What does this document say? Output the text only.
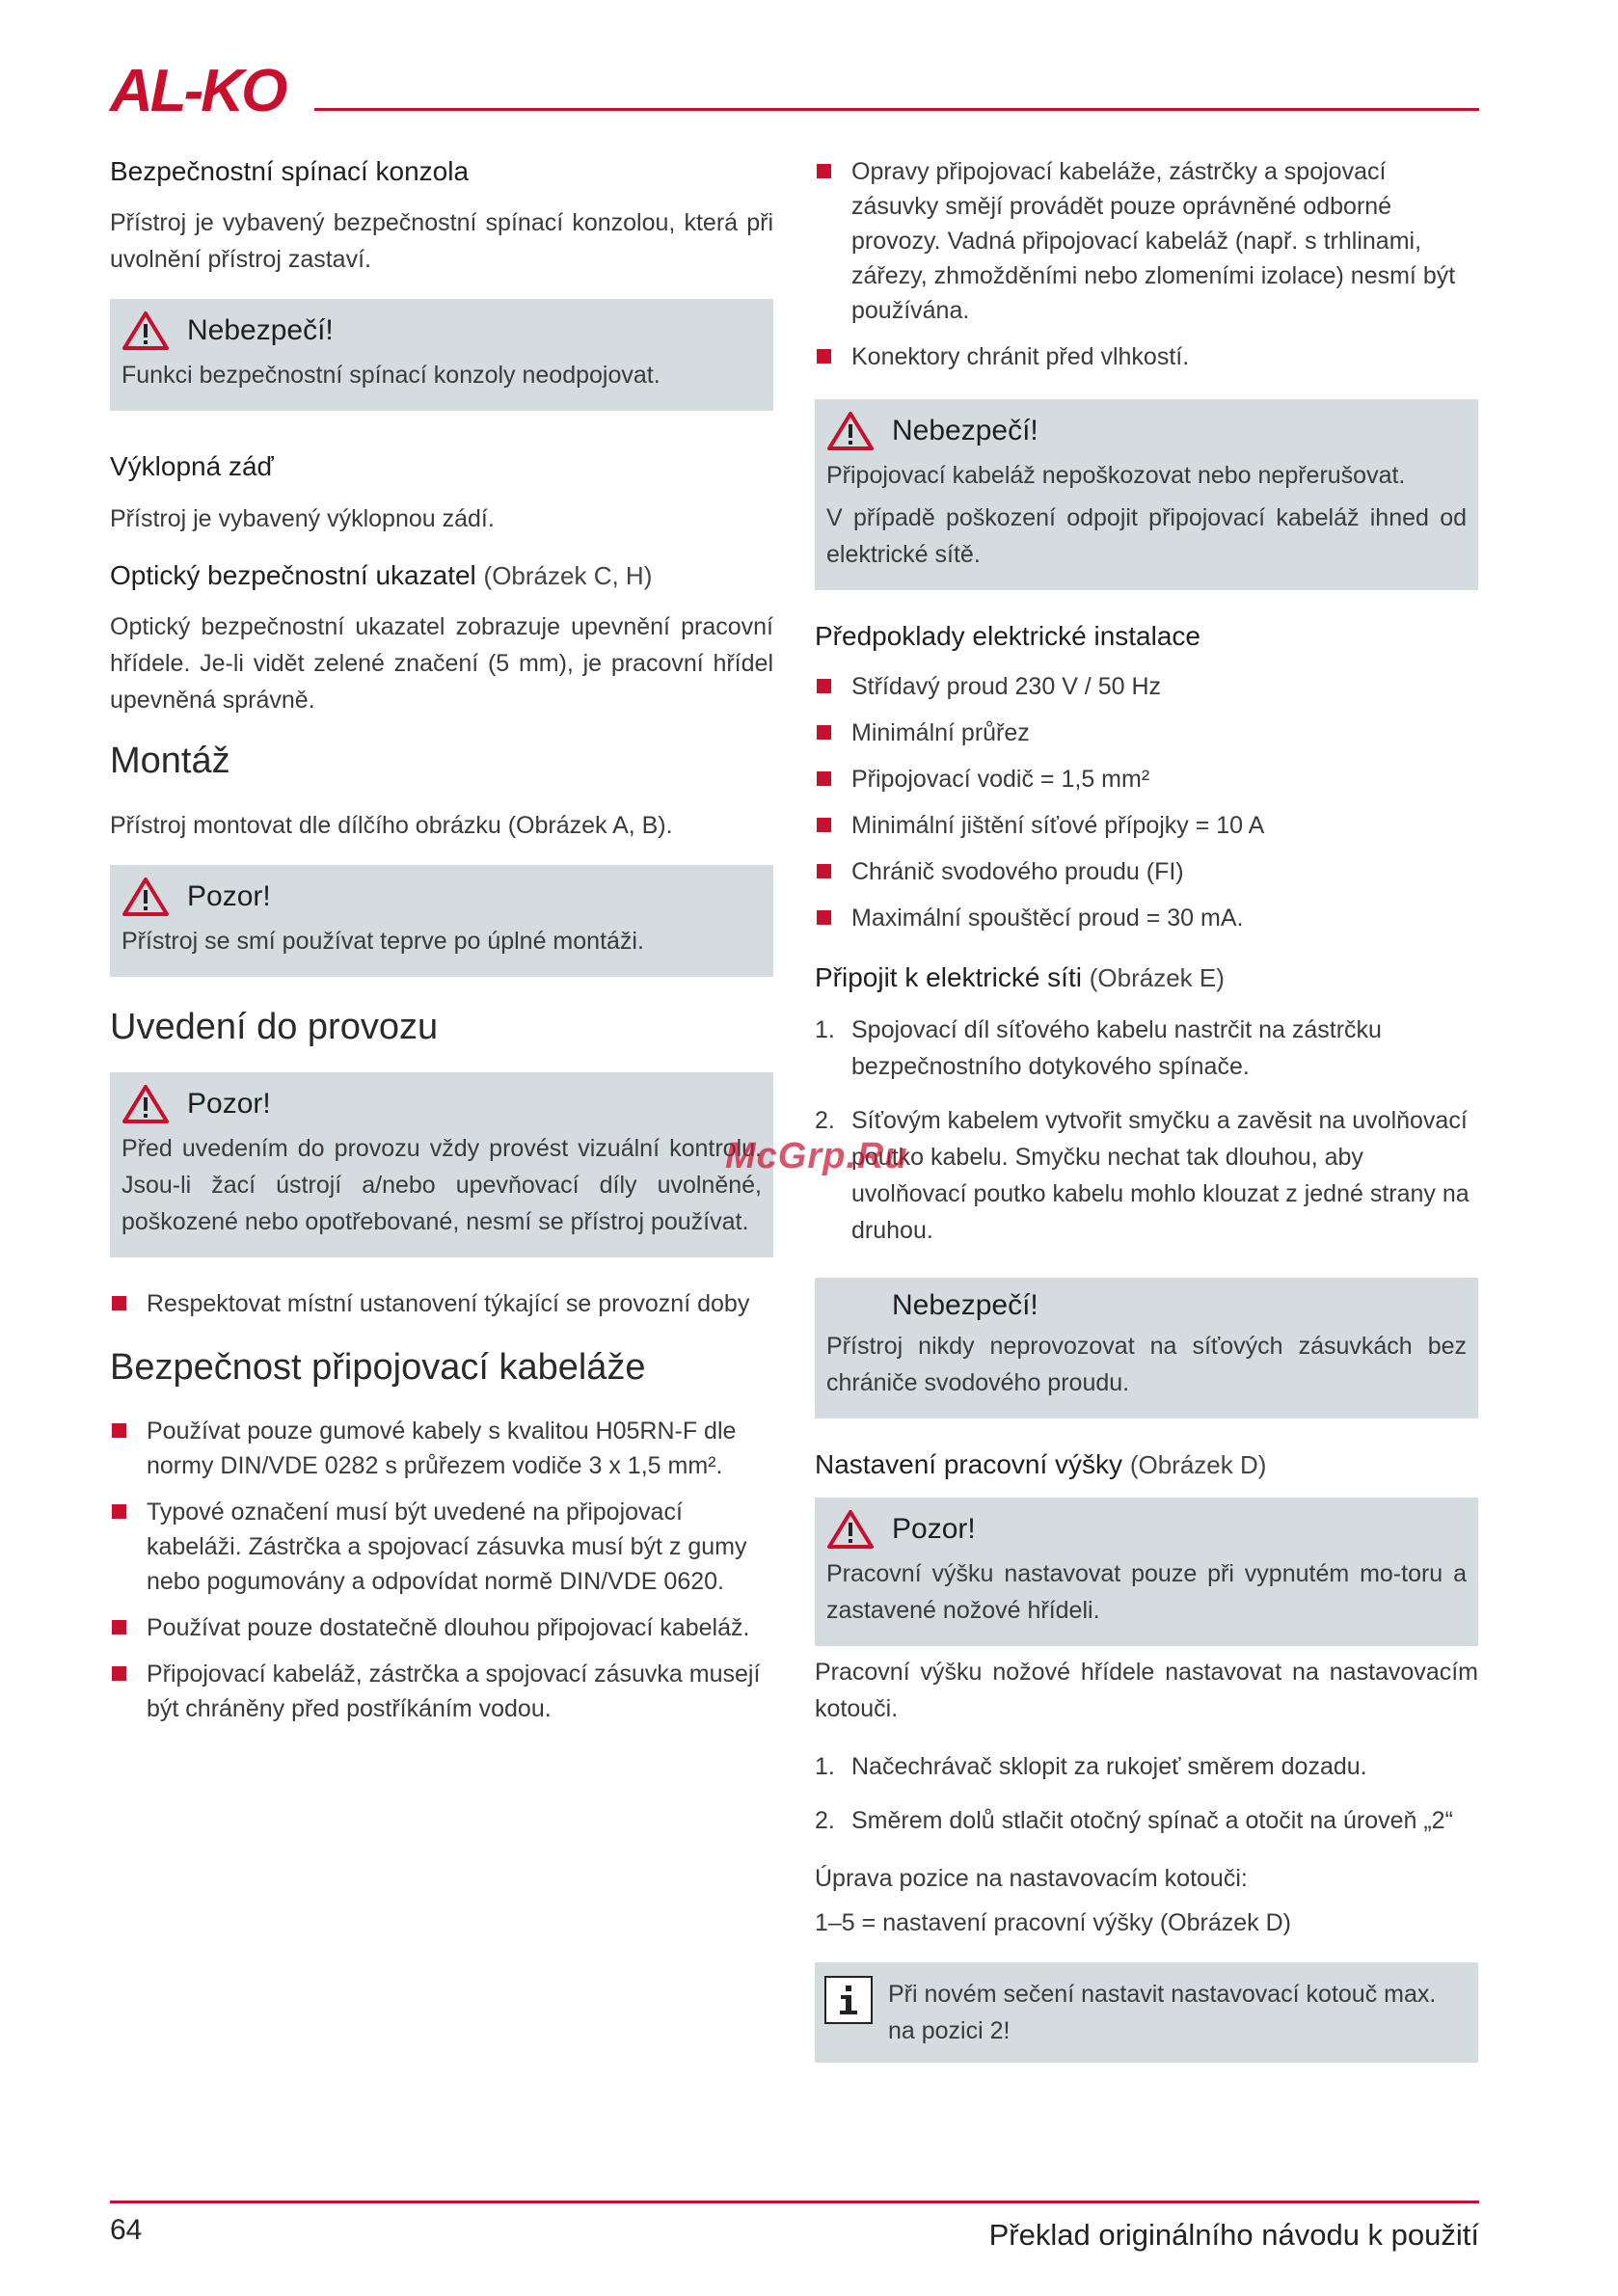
AL-KO
Bezpečnostní spínací konzola
Přístroj je vybavený bezpečnostní spínací konzolou, která při uvolnění přístroj zastaví.
Nebezpečí!
Funkci bezpečnostní spínací konzoly neodpojovat.
Výklopná záď
Přístroj je vybavený výklopnou zádí.
Optický bezpečnostní ukazatel (Obrázek C, H)
Optický bezpečnostní ukazatel zobrazuje upevnění pracovní hřídele. Je-li vidět zelené značení (5 mm), je pracovní hřídel upevněná správně.
Montáž
Přístroj montovat dle dílčího obrázku (Obrázek A, B).
Pozor!
Přístroj se smí používat teprve po úplné montáži.
Uvedení do provozu
Pozor!
Před uvedením do provozu vždy provést vizuální kontrolu. Jsou-li žací ústrojí a/nebo upevňovací díly uvolněné, poškozené nebo opotřebované, nesmí se přístroj používat.
Respektovat místní ustanovení týkající se provozní doby
Bezpečnost připojovací kabeláže
Používat pouze gumové kabely s kvalitou H05RN-F dle normy DIN/VDE 0282 s průřezem vodiče 3 x 1,5 mm².
Typové označení musí být uvedené na připojovací kabeláži. Zástrčka a spojovací zásuvka musí být z gumy nebo pogumovány a odpovídat normě DIN/VDE 0620.
Používat pouze dostatečně dlouhou připojovací kabeláž.
Připojovací kabeláž, zástrčka a spojovací zásuvka musejí být chráněny před postříkáním vodou.
Opravy připojovací kabeláže, zástrčky a spojovací zásuvky smějí provádět pouze oprávněné odborné provozy. Vadná připojovací kabeláž (např. s trhlinami, zářezy, zhmožděními nebo zlomeními izolace) nesmí být používána.
Konektory chránit před vlhkostí.
Nebezpečí!
Připojovací kabeláž nepoškozovat nebo nepřerušovat.
V případě poškození odpojit připojovací kabeláž ihned od elektrické sítě.
Předpoklady elektrické instalace
Střídavý proud 230 V / 50 Hz
Minimální průřez
Připojovací vodič = 1,5 mm²
Minimální jištění síťové přípojky = 10 A
Chránič svodového proudu (FI)
Maximální spouštěcí proud = 30 mA.
Připojit k elektrické síti (Obrázek E)
1. Spojovací díl síťového kabelu nastrčit na zástrčku bezpečnostního dotykového spínače.
2. Síťovým kabelem vytvořit smyčku a zavěsit na uvolňovací poutko kabelu. Smyčku nechat tak dlouhou, aby uvolňovací poutko kabelu mohlo klouzat z jedné strany na druhou.
Nebezpečí!
Přístroj nikdy neprovozovat na síťových zásuvkách bez chrániče svodového proudu.
Nastavení pracovní výšky (Obrázek D)
Pozor!
Pracovní výšku nastavovat pouze při vypnutém mo-toru a zastavené nožové hřídeli.
Pracovní výšku nožové hřídele nastavovat na nastavovacím kotouči.
1. Načechrávač sklopit za rukojeť směrem dozadu.
2. Směrem dolů stlačit otočný spínač a otočit na úroveň „2“
Úprava pozice na nastavovacím kotouči:
1–5 = nastavení pracovní výšky (Obrázek D)
Při novém sečení nastavit nastavovací kotouč max. na pozici 2!
McGrp.Ru
64	Překlad originálního návodu k použití
